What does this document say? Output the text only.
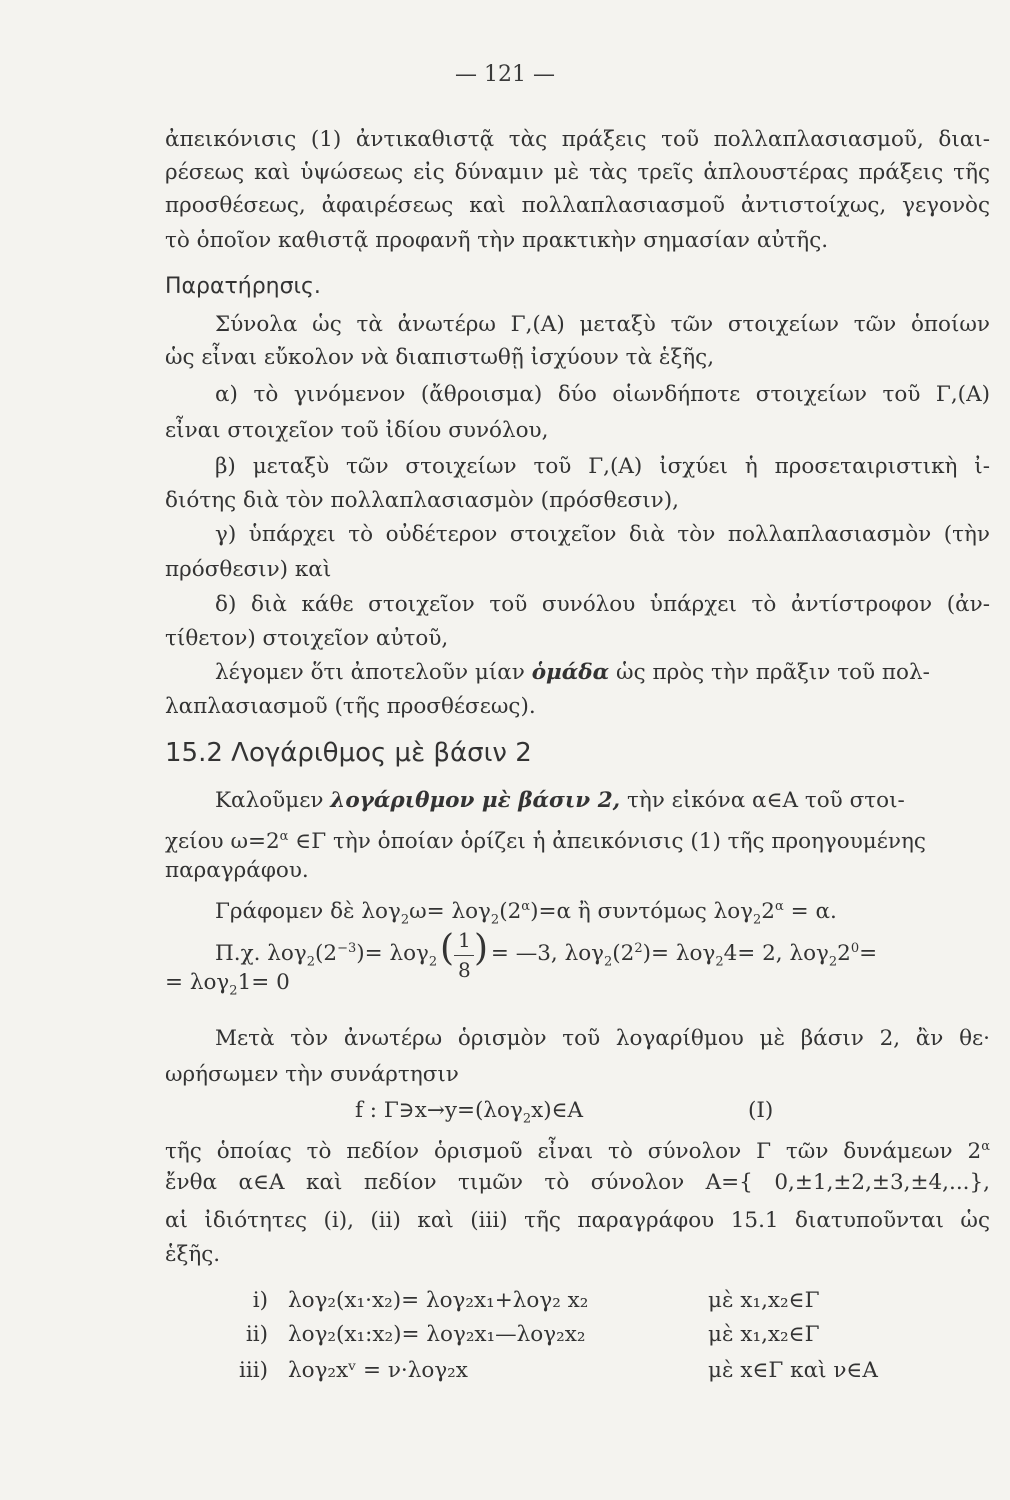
— 121 —
ἀπεικόνισις (1) ἀντικαθιστᾷ τὰς πράξεις τοῦ πολλαπλασιασμοῦ, διαι-
ρέσεως καὶ ὑψώσεως εἰς δύναμιν μὲ τὰς τρεῖς ἁπλουστέρας πράξεις τῆς
προσθέσεως, ἀφαιρέσεως καὶ πολλαπλασιασμοῦ ἀντιστοίχως, γεγονὸς
τὸ ὁποῖον καθιστᾷ προφανῆ τὴν πρακτικὴν σημασίαν αὐτῆς.
Παρατήρησις.
Σύνολα ὡς τὰ ἀνωτέρω Γ,(Α) μεταξὺ τῶν στοιχείων τῶν ὁποίων
ὡς εἶναι εὔκολον νὰ διαπιστωθῇ ἰσχύουν τὰ ἑξῆς,
α) τὸ γινόμενον (ἄθροισμα) δύο οἱωνδήποτε στοιχείων τοῦ Γ,(Α)
εἶναι στοιχεῖον τοῦ ἰδίου συνόλου,
β) μεταξὺ τῶν στοιχείων τοῦ Γ,(Α) ἰσχύει ἡ προσεταιριστικὴ ἰ-
διότης διὰ τὸν πολλαπλασιασμὸν (πρόσθεσιν),
γ) ὑπάρχει τὸ οὐδέτερον στοιχεῖον διὰ τὸν πολλαπλασιασμὸν (τὴν
πρόσθεσιν) καὶ
δ) διὰ κάθε στοιχεῖον τοῦ συνόλου ὑπάρχει τὸ ἀντίστροφον (ἀν-
τίθετον) στοιχεῖον αὐτοῦ,
λέγομεν ὅτι ἀποτελοῦν μίαν ὁμάδα ὡς πρὸς τὴν πρᾶξιν τοῦ πολ-
λαπλασιασμοῦ (τῆς προσθέσεως).
15.2 Λογάριθμος μὲ βάσιν 2
Καλοῦμεν λογάριθμον μὲ βάσιν 2, τὴν εἰκόνα α∈Α τοῦ στοι-
χείου $\omega=2^\alpha$ ∈Γ τὴν ὁποίαν ὁρίζει ἡ ἀπεικόνισις (1) τῆς προηγουμένης
παραγράφου.
Γράφομεν δὲ $\lambda o\gamma_2\omega= \lambda o\gamma_2(2^\alpha)=\alpha$ ἢ συντόμως $\lambda o\gamma_22^\alpha = \alpha$.
Π.χ. $\lambda o\gamma_2(2^{-3})= \lambda o\gamma_2$
1
8
( ) = —3, $\lambda o\gamma_2(2^2)= \lambda o\gamma_24= 2$, $\lambda o\gamma_22^0=$
= λογ$_2$1= 0
Μετὰ τὸν ἀνωτέρω ὁρισμὸν τοῦ λογαρίθμου μὲ βάσιν 2, ἂν θε·
ωρήσωμεν τὴν συνάρτησιν
f : Γ∋x→y=(λογ$_2$x)∈Α	(Ι)
τῆς ὁποίας τὸ πεδίον ὁρισμοῦ εἶναι τὸ σύνολον Γ τῶν δυνάμεων $2^\alpha$
ἔνθα α∈Α καὶ πεδίον τιμῶν τὸ σύνολον Α={ 0,±1,±2,±3,±4,...},
αἱ ἰδιότητες (i), (ii) καὶ (iii) τῆς παραγράφου 15.1 διατυποῦνται ὡς
ἑξῆς.
i) λογ₂(x₁·x₂)= λογ₂x₁+λογ₂ x₂	μὲ x₁,x₂∈Γ
ii) λογ₂(x₁:x₂)= λογ₂x₁—λογ₂x₂	μὲ x₁,x₂∈Γ
iii) λογ₂xᵛ = ν·λογ₂x	μὲ x∈Γ καὶ ν∈Α
